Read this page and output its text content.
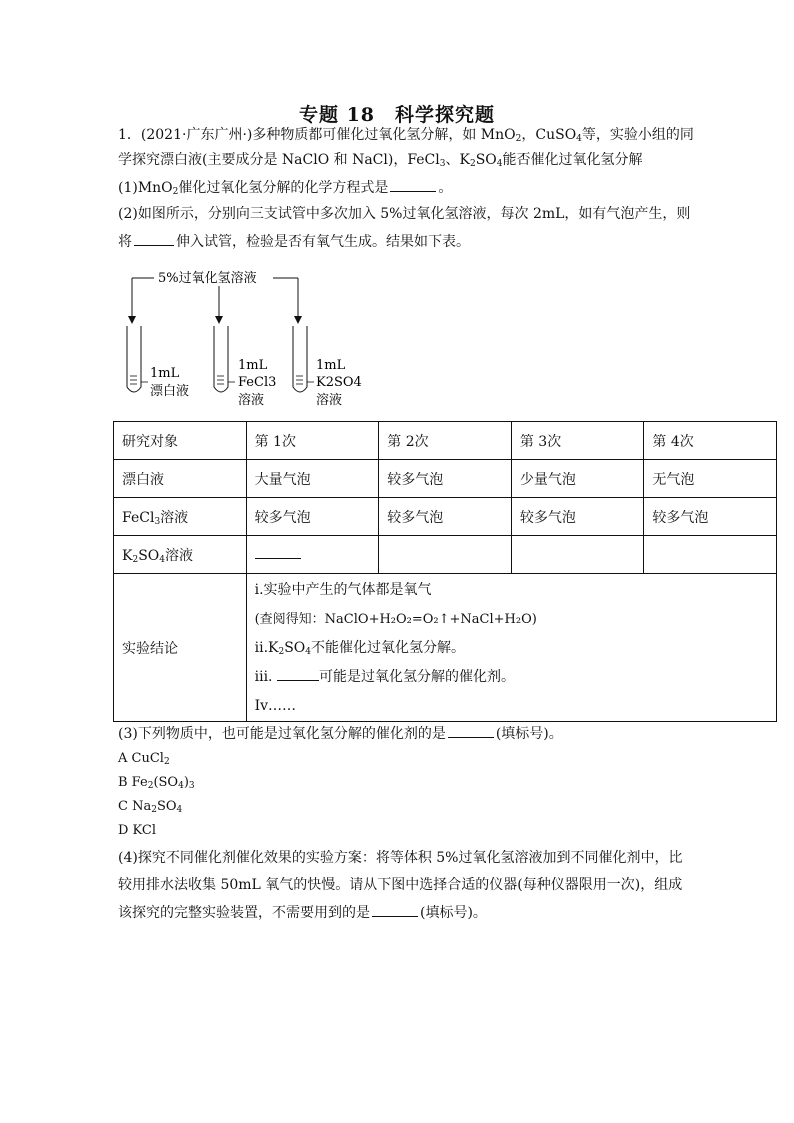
专题 18　科学探究题
1．(2021·广东广州·)多种物质都可催化过氧化氢分解，如 MnO$_2$，CuSO$_4$等，实验小组的同
学探究漂白液(主要成分是 NaClO 和 NaCl)，FeCl$_3$、$K_2SO_4$能否催化过氧化氢分解
(1)MnO$_2$催化过氧化氢分解的化学方程式是	。
(2)如图所示，分别向三支试管中多次加入 5%过氧化氢溶液，每次 2mL，如有气泡产生，则
将	伸入试管，检验是否有氧气生成。结果如下表。
5%过氧化氢溶液
1mL
漂白液
1mL
FeCl3
溶液
1mL
K2SO4
溶液
研究对象	第 1次	第 2次	第 3次	第 4次
漂白液	大量气泡	较多气泡	少量气泡	无气泡
FeCl$_3$溶液	较多气泡	较多气泡	较多气泡	较多气泡
$K_2SO_4$溶液				
实验结论	i.实验中产生的气体都是氧气
(查阅得知：NaClO+H₂O₂=O₂↑+NaCl+H₂O)
$ii.K_2SO_4$不能催化过氧化氢分解。
iii. 可能是过氧化氢分解的催化剂。
Iv……			
(3)下列物质中，也可能是过氧化氢分解的催化剂的是	(填标号)。
A CuCl$_2$
B $Fe_2(SO_4)_3$
C $Na_2SO_4$
D KCl
(4)探究不同催化剂催化效果的实验方案：将等体积 5%过氧化氢溶液加到不同催化剂中，比
较用排水法收集 50mL 氧气的快慢。请从下图中选择合适的仪器(每种仪器限用一次)，组成
该探究的完整实验装置，不需要用到的是	(填标号)。
